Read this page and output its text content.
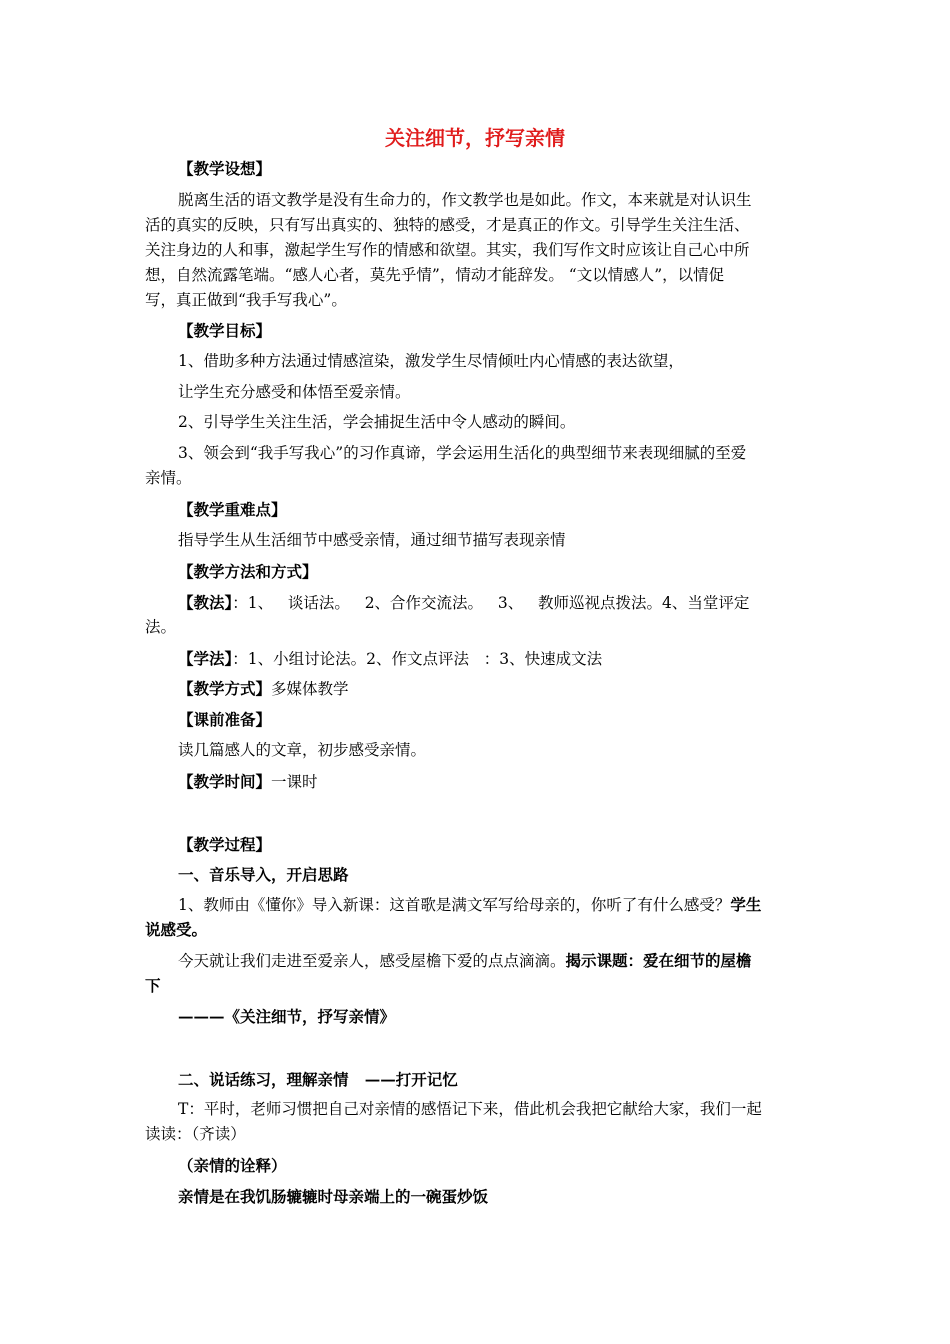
关注细节，抒写亲情
【教学设想】
脱离生活的语文教学是没有生命力的，作文教学也是如此。作文，本来就是对认识生
活的真实的反映，只有写出真实的、独特的感受，才是真正的作文。引导学生关注生活、
关注身边的人和事，激起学生写作的情感和欲望。其实，我们写作文时应该让自己心中所
想，自然流露笔端。“感人心者，莫先乎情”，情动才能辞发。 “文以情感人”，以情促
写，真正做到“我手写我心”。
【教学目标】
1、借助多种方法通过情感渲染，激发学生尽情倾吐内心情感的表达欲望，
让学生充分感受和体悟至爱亲情。
2、引导学生关注生活，学会捕捉生活中令人感动的瞬间。
3、领会到“我手写我心”的习作真谛，学会运用生活化的典型细节来表现细腻的至爱
亲情。
【教学重难点】
指导学生从生活细节中感受亲情，通过细节描写表现亲情
【教学方法和方式】
【教法】：1、   谈话法。   2、合作交流法。   3、   教师巡视点拨法。4、当堂评定
法。
【学法】：1、小组讨论法。2、作文点评法   ：3、快速成文法
【教学方式】多媒体教学
【课前准备】
读几篇感人的文章，初步感受亲情。
【教学时间】一课时
【教学过程】
一、音乐导入，开启思路
1、教师由《懂你》导入新课：这首歌是满文军写给母亲的，你听了有什么感受？学生
说感受。
今天就让我们走进至爱亲人，感受屋檐下爱的点点滴滴。揭示课题：爱在细节的屋檐
下
———《关注细节，抒写亲情》
二、说话练习，理解亲情   ——打开记忆
T：平时，老师习惯把自己对亲情的感悟记下来，借此机会我把它献给大家，我们一起
读读：（齐读）
（亲情的诠释）
亲情是在我饥肠辘辘时母亲端上的一碗蛋炒饭
